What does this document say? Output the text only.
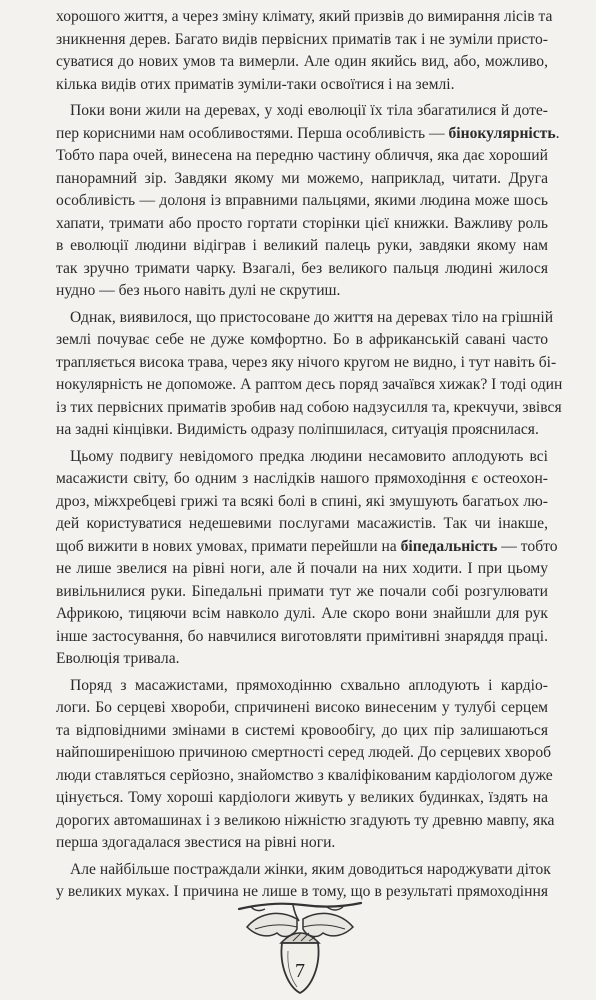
хорошого життя, а через зміну клімату, який призвів до вимирання лісів та
зникнення дерев. Багато видів первісних приматів так і не зуміли присто-
суватися до нових умов та вимерли. Але один якийсь вид, або, можливо,
кілька видів отих приматів зуміли-таки освоїтися і на землі.
Поки вони жили на деревах, у ході еволюції їх тіла збагатилися й доте-
пер корисними нам особливостями. Перша особливість — бінокулярність.
Тобто пара очей, винесена на передню частину обличчя, яка дає хороший
панорамний зір. Завдяки якому ми можемо, наприклад, читати. Друга
особливість — долоня із вправними пальцями, якими людина може шось
хапати, тримати або просто гортати сторінки цієї книжки. Важливу роль
в еволюції людини відіграв і великий палець руки, завдяки якому нам
так зручно тримати чарку. Взагалі, без великого пальця людині жилося
нудно — без нього навіть дулі не скрутиш.
Однак, виявилося, що пристосоване до життя на деревах тіло на грішній
землі почуває себе не дуже комфортно. Бо в африканській савані часто
трапляється висока трава, через яку нічого кругом не видно, і тут навіть бі-
нокулярність не допоможе. А раптом десь поряд зачаївся хижак? І тоді один
із тих первісних приматів зробив над собою надзусилля та, крекчучи, звівся
на задні кінцівки. Видимість одразу поліпшилася, ситуація прояснилася.
Цьому подвигу невідомого предка людини несамовито аплодують всі
масажисти світу, бо одним з наслідків нашого прямоходіння є остеохон-
дроз, міжхребцеві грижі та всякі болі в спині, які змушують багатьох лю-
дей користуватися недешевими послугами масажистів. Так чи інакше,
щоб вижити в нових умовах, примати перейшли на біпедальність — тобто
не лише звелися на рівні ноги, але й почали на них ходити. І при цьому
вивільнилися руки. Біпедальні примати тут же почали собі розгулювати
Африкою, тицяючи всім навколо дулі. Але скоро вони знайшли для рук
інше застосування, бо навчилися виготовляти примітивні знаряддя праці.
Еволюція тривала.
Поряд з масажистами, прямоходінню схвально аплодують і кардіо-
логи. Бо серцеві хвороби, спричинені високо винесеним у тулубі серцем
та відповідними змінами в системі кровообігу, до цих пір залишаються
найпоширенішою причиною смертності серед людей. До серцевих хвороб
люди ставляться серйозно, знайомство з кваліфікованим кардіологом дуже
цінується. Тому хороші кардіологи живуть у великих будинках, їздять на
дорогих автомашинах і з великою ніжністю згадують ту древню мавпу, яка
перша здогадалася звестися на рівні ноги.
Але найбільше постраждали жінки, яким доводиться народжувати діток
у великих муках. І причина не лише в тому, що в результаті прямоходіння
7
